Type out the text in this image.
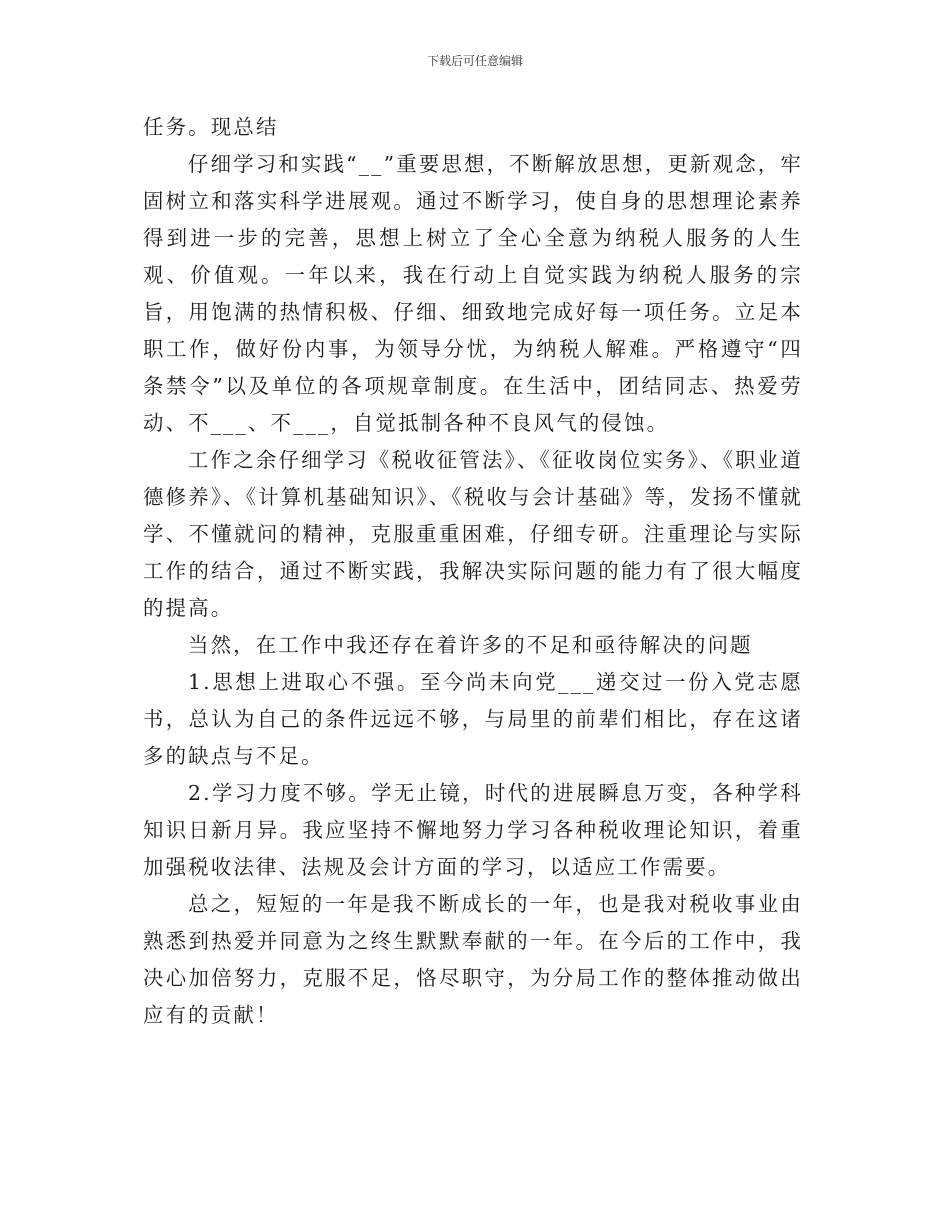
下载后可任意编辑

任务。现总结

仔细学习和实践“__”重要思想，不断解放思想，更新观念，牢固树立和落实科学进展观。通过不断学习，使自身的思想理论素养得到进一步的完善，思想上树立了全心全意为纳税人服务的人生观、价值观。一年以来，我在行动上自觉实践为纳税人服务的宗旨，用饱满的热情积极、仔细、细致地完成好每一项任务。立足本职工作，做好份内事，为领导分忧，为纳税人解难。严格遵守“四条禁令”以及单位的各项规章制度。在生活中，团结同志、热爱劳动、不___、不___，自觉抵制各种不良风气的侵蚀。

工作之余仔细学习《税收征管法》、《征收岗位实务》、《职业道德修养》、《计算机基础知识》、《税收与会计基础》等，发扬不懂就学、不懂就问的精神，克服重重困难，仔细专研。注重理论与实际工作的结合，通过不断实践，我解决实际问题的能力有了很大幅度的提高。

当然，在工作中我还存在着许多的不足和亟待解决的问题

1.思想上进取心不强。至今尚未向党___递交过一份入党志愿书，总认为自己的条件远远不够，与局里的前辈们相比，存在这诸多的缺点与不足。

2.学习力度不够。学无止镜，时代的进展瞬息万变，各种学科知识日新月异。我应坚持不懈地努力学习各种税收理论知识，着重加强税收法律、法规及会计方面的学习，以适应工作需要。

总之，短短的一年是我不断成长的一年，也是我对税收事业由熟悉到热爱并同意为之终生默默奉献的一年。在今后的工作中，我决心加倍努力，克服不足，恪尽职守，为分局工作的整体推动做出应有的贡献！
